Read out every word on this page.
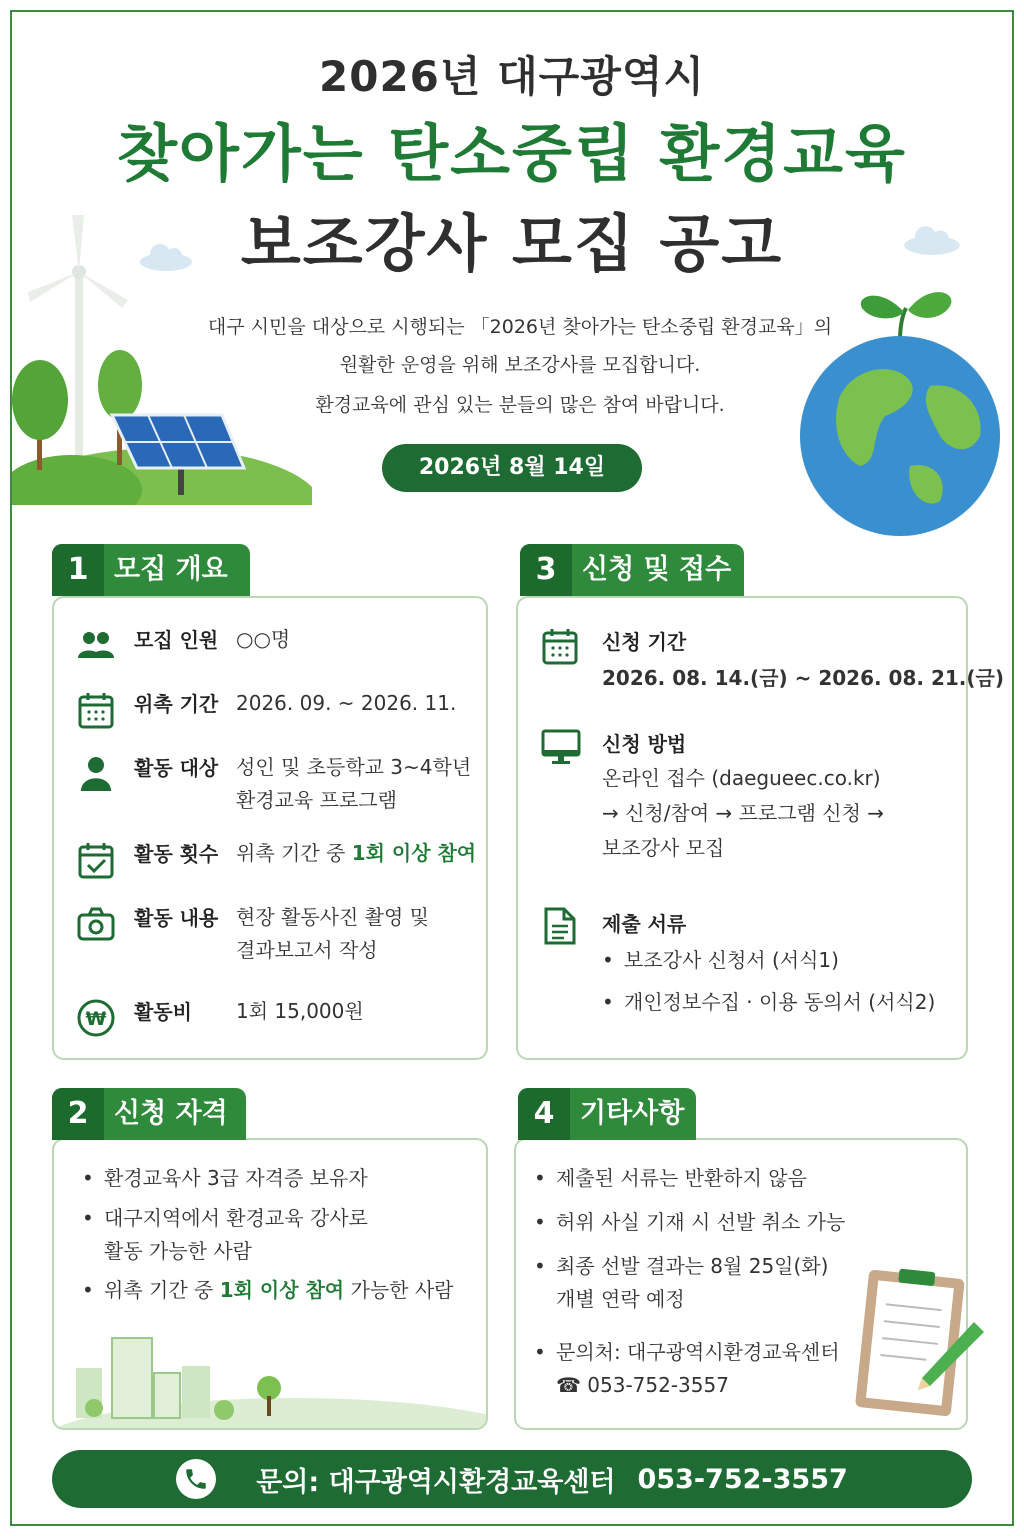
2026년 대구광역시
찾아가는 탄소중립 환경교육
보조강사 모집 공고
대구 시민을 대상으로 시행되는 「2026년 찾아가는 탄소중립 환경교육」의
원활한 운영을 위해 보조강사를 모집합니다.
환경교육에 관심 있는 분들의 많은 참여 바랍니다.
2026년 8월 14일
1 모집 개요
모집 인원 ○○명
위촉 기간 2026. 09. ~ 2026. 11.
활동 대상 성인 및 초등학교 3~4학년
환경교육 프로그램
활동 횟수 위촉 기간 중 1회 이상 참여
활동 내용 현장 활동사진 촬영 및
결과보고서 작성
₩ 활동비	1회 15,000원
3 신청 및 접수
신청 기간
2026. 08. 14.(금) ~ 2026. 08. 21.(금)
신청 방법
온라인 접수 (daegueec.co.kr)
→ 신청/참여 → 프로그램 신청 →
보조강사 모집
제출 서류
• 보조강사 신청서 (서식1)
• 개인정보수집 · 이용 동의서 (서식2)
2 신청 자격
• 환경교육사 3급 자격증 보유자
• 대구지역에서 환경교육 강사로
활동 가능한 사람
• 위촉 기간 중 1회 이상 참여 가능한 사람
4 기타사항
• 제출된 서류는 반환하지 않음
• 허위 사실 기재 시 선발 취소 가능
• 최종 선발 결과는 8월 25일(화)
개별 연락 예정
• 문의처: 대구광역시환경교육센터
☎ 053-752-3557
문의: 대구광역시환경교육센터 053-752-3557
